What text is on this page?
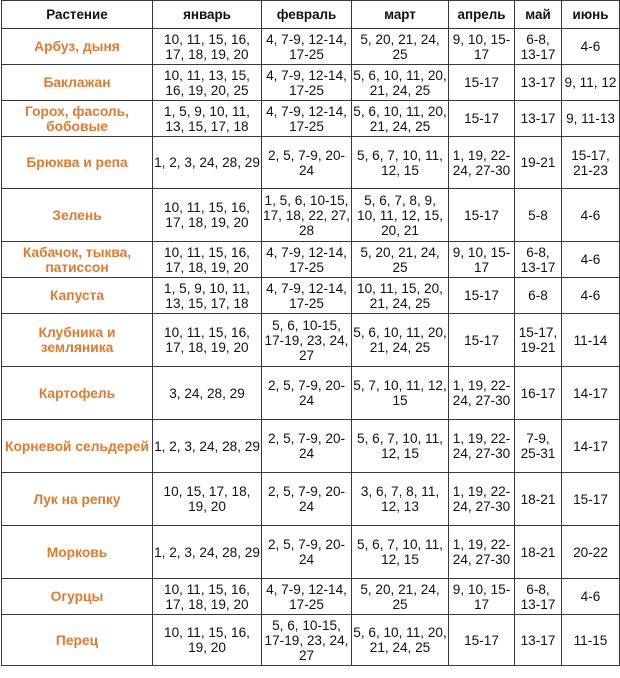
Растение	январь	февраль	март	апрель	май	июнь
Арбуз, дыня	10, 11, 15, 16, 17, 18, 19, 20	4, 7-9, 12-14, 17-25	5, 20, 21, 24, 25	9, 10, 15-17	6-8, 13-17	4-6
Баклажан	10, 11, 13, 15, 16, 19, 20, 25	4, 7-9, 12-14, 17-25	5, 6, 10, 11, 20, 21, 24, 25	15-17	13-17	9, 11, 12
Горох, фасоль, бобовые	1, 5, 9, 10, 11, 13, 15, 17, 18	4, 7-9, 12-14, 17-25	5, 6, 10, 11, 20, 21, 24, 25	15-17	13-17	9, 11-13
Брюква и репа	1, 2, 3, 24, 28, 29	2, 5, 7-9, 20-24	5, 6, 7, 10, 11, 12, 15	1, 19, 22-24, 27-30	19-21	15-17, 21-23
Зелень	10, 11, 15, 16, 17, 18, 19, 20	1, 5, 6, 10-15, 17, 18, 22, 27, 28	5, 6, 7, 8, 9, 10, 11, 12, 15, 20, 21	15-17	5-8	4-6
Кабачок, тыква, патиссон	10, 11, 15, 16, 17, 18, 19, 20	4, 7-9, 12-14, 17-25	5, 20, 21, 24, 25	9, 10, 15-17	6-8, 13-17	4-6
Капуста	1, 5, 9, 10, 11, 13, 15, 17, 18	4, 7-9, 12-14, 17-25	10, 11, 15, 20, 21, 24, 25	15-17	6-8	4-6
Клубника и земляника	10, 11, 15, 16, 17, 18, 19, 20	5, 6, 10-15, 17-19, 23, 24, 27	5, 6, 10, 11, 20, 21, 24, 25	15-17	15-17, 19-21	11-14
Картофель	3, 24, 28, 29	2, 5, 7-9, 20-24	5, 7, 10, 11, 12, 15	1, 19, 22-24, 27-30	16-17	14-17
Корневой сельдерей	1, 2, 3, 24, 28, 29	2, 5, 7-9, 20-24	5, 6, 7, 10, 11, 12, 15	1, 19, 22-24, 27-30	7-9, 25-31	14-17
Лук на репку	10, 15, 17, 18, 19, 20	2, 5, 7-9, 20-24	3, 6, 7, 8, 11, 12, 13	1, 19, 22-24, 27-30	18-21	15-17
Морковь	1, 2, 3, 24, 28, 29	2, 5, 7-9, 20-24	5, 6, 7, 10, 11, 12, 15	1, 19, 22-24, 27-30	18-21	20-22
Огурцы	10, 11, 15, 16, 17, 18, 19, 20	4, 7-9, 12-14, 17-25	5, 20, 21, 24, 25	9, 10, 15-17	6-8, 13-17	4-6
Перец	10, 11, 15, 16, 19, 20	5, 6, 10-15, 17-19, 23, 24, 27	5, 6, 10, 11, 20, 21, 24, 25	15-17	13-17	11-15
